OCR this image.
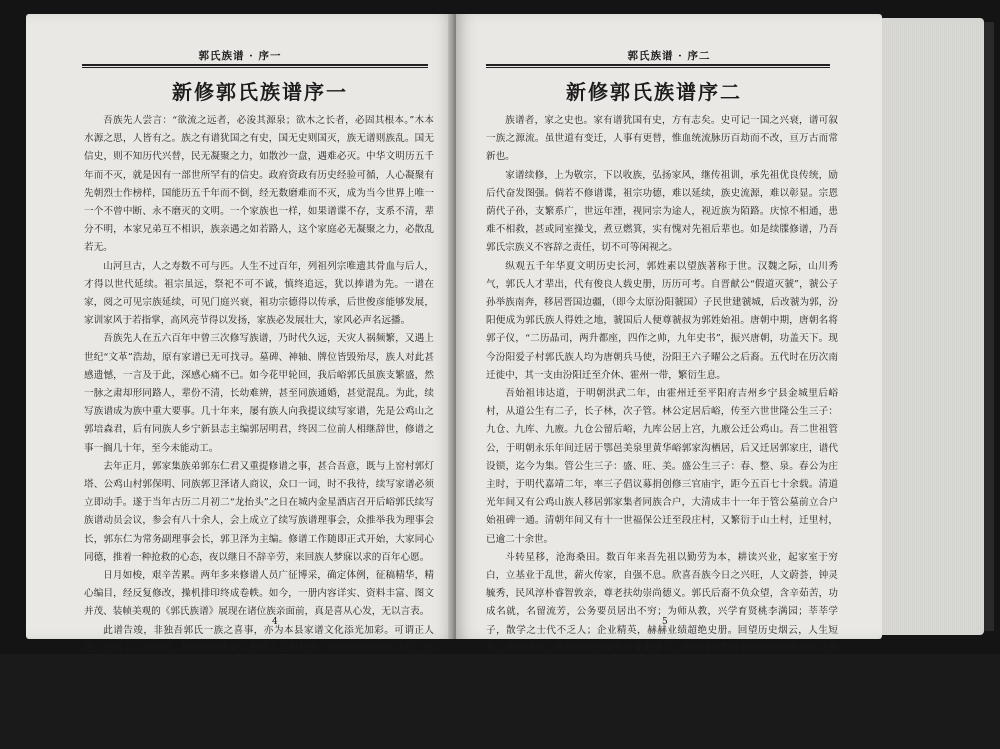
郭氏族谱 · 序一
新修郭氏族谱序一

吾族先人尝言：“欲流之远者，必浚其源泉；欲木之长者，必固其根本。”木本水源之思，人皆有之。族之有谱犹国之有史，国无史则国灭，族无谱则族乱。国无信史，则不知历代兴替，民无凝聚之力，如散沙一盘，遇难必灭。中华文明历五千年而不灭，就是因有一部世所罕有的信史。政府资政有历史经验可循，人心凝聚有先朝烈士作榜样，国能历五千年而不倒，经无数磨难而不灭，成为当今世界上唯一一个不曾中断、永不磨灭的文明。一个家族也一样，如果谱谍不存，支系不清，辈分不明，本家兄弟互不相识，族亲遇之如若路人，这个家庭必无凝聚之力，必散乱若无。

山河旦古，人之寿数不可与匹。人生不过百年，列祖列宗唯遗其骨血与后人，才得以世代延续。祖宗虽远，祭祀不可不诚，慎终追远，犹以捧谱为先。一谱在家，阅之可见宗族延续，可见门庭兴衰，祖功宗德得以传承，后世俊彦能够发展，家训家风于若指掌，高风亮节得以发扬，家族必发展壮大，家风必声名远播。

吾族先人在五六百年中曾三次修写族谱，乃时代久远，天灾人祸频繁，又遇上世纪“文革”浩劫，原有家谱已无可找寻。墓碑、神轴、牌位皆毁殆尽，族人对此甚感遗憾，一言及于此，深感心痛不已。如今花甲轮回，我后峪郭氏虽族支繁盛，然一脉之肃却形同路人，辈份不清，长幼难辨，甚至同族通婚，甚觉混乱。为此，续写族谱成为族中重大要事。几十年来，屡有族人向我提议续写家谱，先是公鸡山之郭培森君，后有同族人乡宁新县志主编郭居明君，终因二位前人相继辞世，修谱之事一搁几十年，至今未能动工。

去年正月，郭家集族弟郭东仁君又重提修谱之事，甚合吾意，既与上窑村郭灯塔、公鸡山村郭保明、同族郭卫泽诸人商议，众口一词，时不我待，续写家谱必须立即动手。遂于当年古历二月初二“龙抬头”之日在城内金星酒店召开后峪郭氏续写族谱动员会议，参会有八十余人，会上成立了续写族谱理事会，众推举我为理事会长，郭东仁为常务副理事会长，郭卫泽为主编。修谱工作随即正式开始，大家同心同德，推着一种抢救的心态，夜以继日不辞辛劳，来回族人梦寐以求的百年心愿。

日月如梭，艰辛苦累。两年多来修谱人员广征博采，确定体例，征稿精华，精心编目，经反复修改，操机排印终成卷帙。如今，一册内容详实、资料丰富、图文并茂、装帧美观的《郭氏族谱》展现在诸位族亲面前，真是喜从心发，无以言表。

此谱告竣，非独吾郭氏一族之喜事，亦为本县家谱文化添光加彩。可谓正人伦、鉴古今、振家风、睦族亲的大业。愿族人互相勉励，发扬祖功宗德于当代，建立丰功伟业于此时，生做不愧先人之后，殁做不辱后人之先。

是为序

后峪郭氏第十九世孙郭贯诚 沐手敬撰

公元二〇一六年六月六日

4
郭氏族谱 · 序二
新修郭氏族谱序二

族谱者，家之史也。家有谱犹国有史，方有志矣。史可记一国之兴衰，谱可叙一族之源流。虽世道有变迁，人事有更替，惟血统流脉历百劫而不改，亘万古而常新也。

家谱续修，上为敬宗，下以收族，弘扬家风，继传祖训，承先祖优良传统，励后代奋发图强。倘若不修谱谍，祖宗功德，难以延续，族史流源，难以彰显。宗恩荫代子孙，支繁系广，世远年湮，视同宗为途人，视近族为陌路。庆惊不相通，患难不相救，甚或同室操戈，煮豆燃箕，实有愧对先祖后辈也。如是续牒修谱，乃吾郭氏宗族义不容辞之责任，切不可等闲视之。

纵观五千年华夏文明历史长河，郭姓素以望族著称于世。汉魏之际，山川秀气，郭氏人才辈出，代有俊良人载史册，历历可考。自晋献公“假道灭虢”，虢公子孙举族南奔，移居晋国边疆，（即今太原汾阳虢国）子民世建虢城，后改虢为郭，汾阳便成为郭氏族人得姓之地，虢国后人便尊虢叔为郭姓始祖。唐朝中期，唐朝名将郭子仪，“二历晶司，两升都座，四作之帅，九年史书”，振兴唐朝，功盖天下。现今汾阳爱子村郭氏族人均为唐朝兵马使，汾阳王六子曜公之后裔。五代时在历次南迁徙中，其一支由汾阳迁至介休、霍州一带，繁衍生息。

吾始祖讳达道，于明朝洪武二年，由霍州迁至平阳府吉州乡宁县金城里后峪村，从道公生有二子，长子林，次子管。林公定居后峪，传至六世世隆公生三子：九仓、九库、九廒。九仓公留后峪，九库公居上宫，九廒公迁公鸡山。吾二世祖管公，于明朝永乐年间迁居于鄂邑美泉里黄华峪郭家沟栖居，后又迁居郭家庄，谱代设锁，迄今为集。管公生三子：盛、旺、美。盛公生三子：春、整、泉。春公为庄主时，于明代嘉靖二年，率三子倡议募捐创修三官庙宇，距今五百七十余载。清道光年间又有公鸡山族人移居郭家集者同族合户，大清成丰十一年于管公墓前立合户始祖碑一通。清朝年间又有十一世福保公迁至段庄村，又繁衍于山土村，迁里村，已逾二十余世。

斗转星移，沧海桑田。数百年来吾先祖以勤劳为本，耕读兴业，起家室于穷白，立基业于乱世，薪火传家，自强不息。欣喜吾族今日之兴旺，人文蔚荟，钟灵毓秀，民风淳朴睿智敦亲，尊老扶幼崇尚德义。郭氏后裔不负众望，含辛茹苦，功成名就，名留流芳，公务要员居出不穷；为师从教，兴学育贤桃李满园；莘莘学子，散学之士代不乏人；企业精英，赫赫业绩超绝史册。回望历史烟云，人生短暂，筑如流星，然吾郭氏宗亲不谓青史留名，尚能将失散异乡同族回归大家族之怀抱，在其族谱中尚记名讳，足也。

余秉不肖，仕途坎坷，未能成器。蒙先祖之荫庇，攻克命发，虽供职于都市，却心系于桑石，久蓄修谱之志，因才疏学浅，且无余闲，徒令有志而未逮。每每念及，深以为忧。退休之年，幸有乡友王天贵先生之建议，重甫修谱之念，即与同族贤达共商修谱事宜。此番壮举，众皆赞许。遂由族人文学士贯诚兄之统

5
